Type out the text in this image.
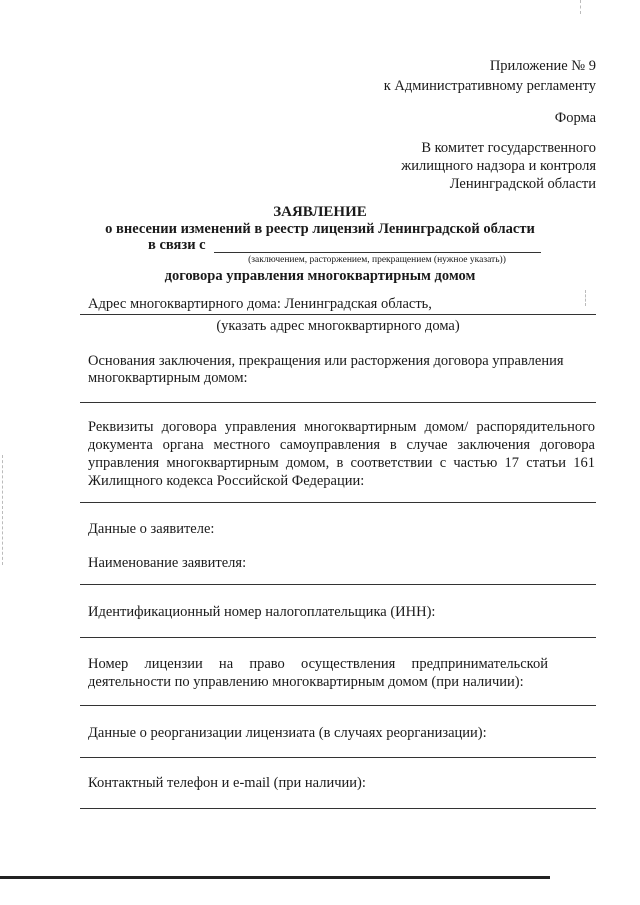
Приложение № 9
к Административному регламенту
Форма
В комитет государственного
жилищного надзора и контроля
Ленинградской области
ЗАЯВЛЕНИЕ
о внесении изменений в реестр лицензий Ленинградской области
в связи с
(заключением, расторжением, прекращением (нужное указать))
договора управления многоквартирным домом
Адрес многоквартирного дома: Ленинградская область,
(указать адрес многоквартирного дома)
Основания заключения, прекращения или расторжения договора управления
многоквартирным домом:
Реквизиты договора управления многоквартирным домом/ распорядительного
документа органа местного самоуправления в случае заключения договора
управления многоквартирным домом, в соответствии с частью 17 статьи 161
Жилищного кодекса Российской Федерации:
Данные о заявителе:
Наименование заявителя:
Идентификационный номер налогоплательщика (ИНН):
Номер лицензии на право осуществления предпринимательской
деятельности по управлению многоквартирным домом (при наличии):
Данные о реорганизации лицензиата (в случаях реорганизации):
Контактный телефон и e-mail (при наличии):
